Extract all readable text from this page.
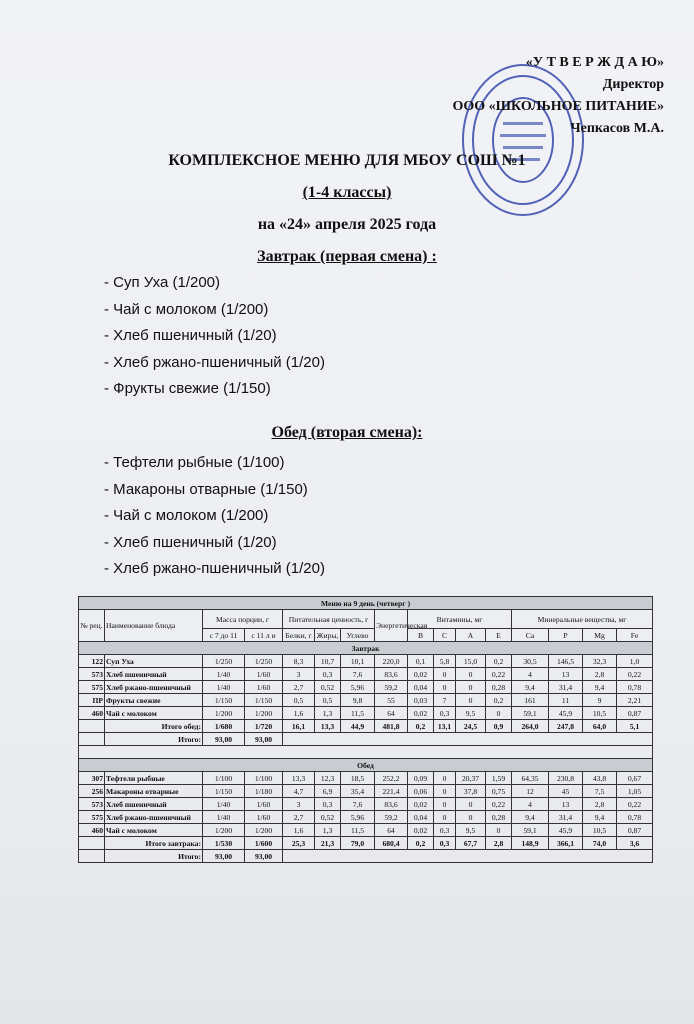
«У Т В Е Р Ж Д А Ю»
Директор
ООО «ШКОЛЬНОЕ ПИТАНИЕ»
Чепкасов М.А.
КОМПЛЕКСНОЕ МЕНЮ ДЛЯ МБОУ СОШ №1
(1-4 классы)
на «24» апреля 2025 года
Завтрак (первая смена) :
- Суп Уха (1/200)
- Чай с молоком (1/200)
- Хлеб пшеничный (1/20)
- Хлеб ржано-пшеничный (1/20)
- Фрукты свежие (1/150)
Обед (вторая смена):
- Тефтели рыбные (1/100)
- Макароны отварные (1/150)
- Чай с молоком (1/200)
- Хлеб пшеничный (1/20)
- Хлеб ржано-пшеничный (1/20)
Меню на 9 день (четверг )															
№ рец.	Наименование блюда	Масса порции, г		Питательная ценность, г			Энергетическая	Витамины, мг				Минеральные вещества, мг			
		с 7 до 11	с 11 л и	Белки, г	Жиры,	Углево		B	C	A	E	Ca	P	Mg	Fe
Завтрак															
122	Суп Уха	1/250	1/250	8,3	10,7	10,1	220,0	0,1	5,8	15,0	0,2	30,5	146,5	32,3	1,0
573	Хлеб пшеничный	1/40	1/60	3	0,3	7,6	83,6	0,02	0	0	0,22	4	13	2,8	0,22
575	Хлеб ржано-пшеничный	1/40	1/60	2,7	0,52	5,96	59,2	0,04	0	0	0,28	9,4	31,4	9,4	0,78
ПР	Фрукты свежие	1/150	1/150	0,5	0,5	9,8	55	0,03	7	0	0,2	161	11	9	2,21
460	Чай с молоком	1/200	1/200	1,6	1,3	11,5	64	0,02	0,3	9,5	0	59,1	45,9	10,5	0,87
	Итого обед:	1/680	1/720	16,1	13,3	44,9	481,8	0,2	13,1	24,5	0,9	264,0	247,8	64,0	5,1
	Итого:	93,00	93,00												

Обед															
307	Тефтели рыбные	1/100	1/100	13,3	12,3	18,5	252,2	0,09	0	20,37	1,59	64,35	230,8	43,8	0,67
256	Макароны отварные	1/150	1/180	4,7	6,9	35,4	221,4	0,06	0	37,8	0,75	12	45	7,5	1,05
573	Хлеб пшеничный	1/40	1/60	3	0,3	7,6	83,6	0,02	0	0	0,22	4	13	2,8	0,22
575	Хлеб ржано-пшеничный	1/40	1/60	2,7	0,52	5,96	59,2	0,04	0	0	0,28	9,4	31,4	9,4	0,78
460	Чай с молоком	1/200	1/200	1,6	1,3	11,5	64	0,02	0,3	9,5	0	59,1	45,9	10,5	0,87
	Итого завтрака:	1/530	1/600	25,3	21,3	79,0	680,4	0,2	0,3	67,7	2,8	148,9	366,1	74,0	3,6
	Итого:	93,00	93,00												
